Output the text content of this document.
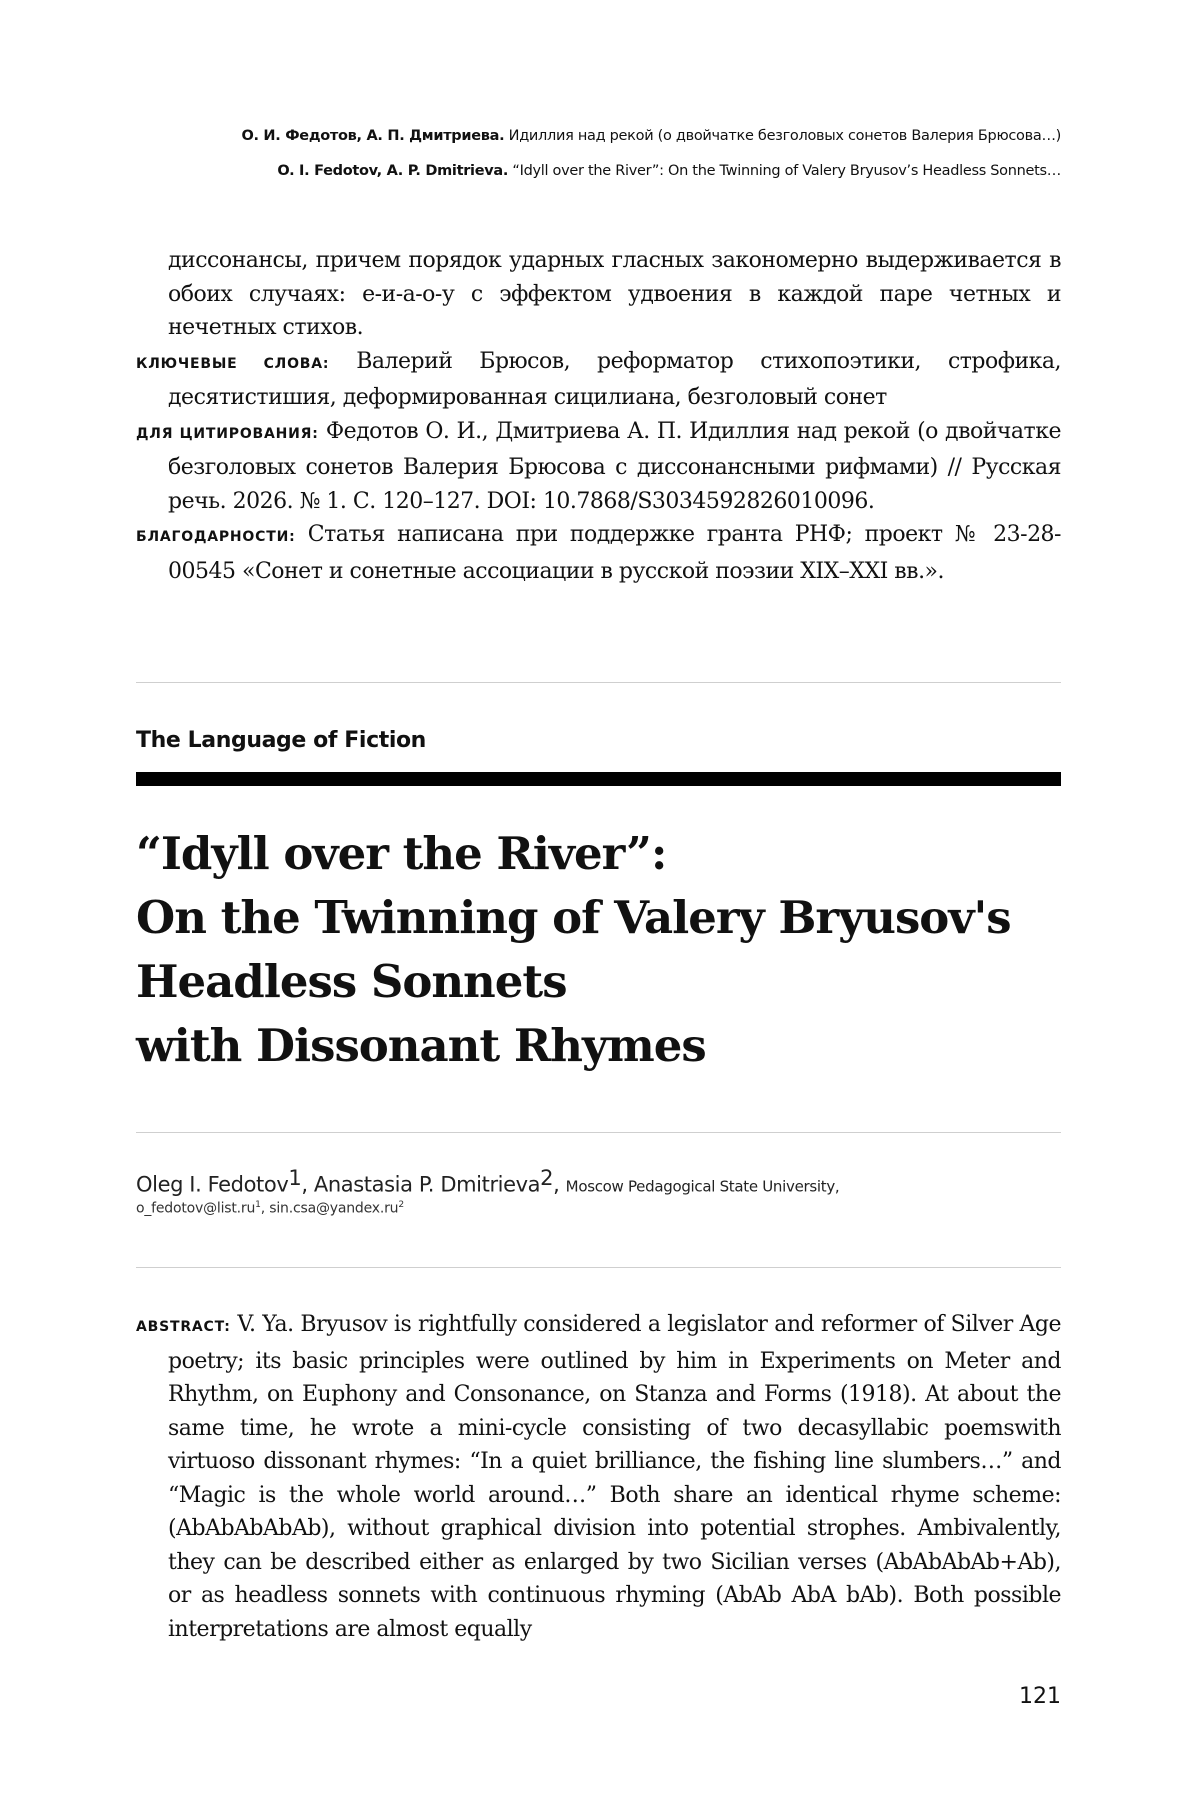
О. И. Федотов, А. П. Дмитриева. Идиллия над рекой (о двойчатке безголовых сонетов Валерия Брюсова…)
O. I. Fedotov, A. P. Dmitrieva. “Idyll over the River”: On the Twinning of Valery Bryusov’s Headless Sonnets…

диссонансы, причем порядок ударных гласных закономерно выдерживается в обоих случаях: е-и-а-о-у с эффектом удвоения в каждой паре четных и нечетных стихов.

КЛЮЧЕВЫЕ СЛОВА: Валерий Брюсов, реформатор стихопоэтики, строфика, десятистишия, деформированная сицилиана, безголовый сонет

ДЛЯ ЦИТИРОВАНИЯ: Федотов О. И., Дмитриева А. П. Идиллия над рекой (о двойчатке безголовых сонетов Валерия Брюсова с диссонансными рифмами) // Русская речь. 2026. № 1. С. 120–127. DOI: 10.7868/S3034592826010096.

БЛАГОДАРНОСТИ: Статья написана при поддержке гранта РНФ; проект № 23-28-00545 «Сонет и сонетные ассоциации в русской поэзии XIX–XXI вв.».

The Language of Fiction
“Idyll over the River”:
On the Twinning of Valery Bryusov's
Headless Sonnets
with Dissonant Rhymes
Oleg I. Fedotov$^1$, Anastasia P. Dmitrieva$^2$, Moscow Pedagogical State University,
$o\_fedotov@list.ru^1$, $\sin.csa@yandex.ru^2$

ABSTRACT: V. Ya. Bryusov is rightfully considered a legislator and reformer of Silver Age poetry; its basic principles were outlined by him in Experiments on Meter and Rhythm, on Euphony and Consonance, on Stanza and Forms (1918). At about the same time, he wrote a mini-cycle consisting of two decasyllabic poemswith virtuoso dissonant rhymes: “In a quiet brilliance, the fishing line slumbers…” and “Magic is the whole world around…” Both share an identical rhyme scheme: (AbAbAbAbAb), without graphical division into potential strophes. Ambivalently, they can be described either as enlarged by two Sicilian verses (AbAbAbAb+Ab), or as headless sonnets with continuous rhyming (AbAb AbA bAb). Both possible interpretations are almost equally

121
